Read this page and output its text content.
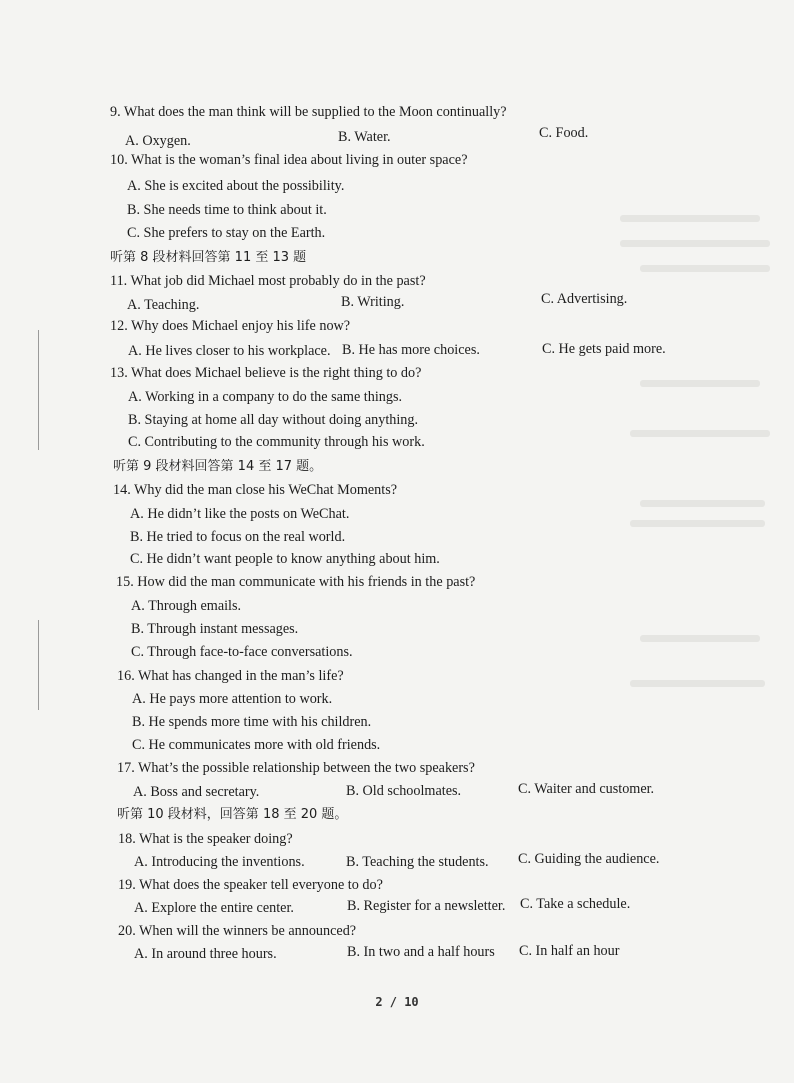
9. What does the man think will be supplied to the Moon continually?
A. Oxygen.	B. Water.	C. Food.
10. What is the woman’s final idea about living in outer space?
A. She is excited about the possibility.
B. She needs time to think about it.
C. She prefers to stay on the Earth.
听第 8 段材料回答第 11 至 13 题
11. What job did Michael most probably do in the past?
A. Teaching.	B. Writing.	C. Advertising.
12. Why does Michael enjoy his life now?
A. He lives closer to his workplace. B. He has more choices.	C. He gets paid more.
13. What does Michael believe is the right thing to do?
A. Working in a company to do the same things.
B. Staying at home all day without doing anything.
C. Contributing to the community through his work.
听第 9 段材料回答第 14 至 17 题。
14. Why did the man close his WeChat Moments?
A. He didn’t like the posts on WeChat.
B. He tried to focus on the real world.
C. He didn’t want people to know anything about him.
15. How did the man communicate with his friends in the past?
A. Through emails.
B. Through instant messages.
C. Through face-to-face conversations.
16. What has changed in the man’s life?
A. He pays more attention to work.
B. He spends more time with his children.
C. He communicates more with old friends.
17. What’s the possible relationship between the two speakers?
A. Boss and secretary.	B. Old schoolmates.	C. Waiter and customer.
听第 10 段材料，回答第 18 至 20 题。
18. What is the speaker doing?
A. Introducing the inventions.	B. Teaching the students. C. Guiding the audience.
19. What does the speaker tell everyone to do?
A. Explore the entire center.	B. Register for a newsletter. C. Take a schedule.
20. When will the winners be announced?
A. In around three hours.	B. In two and a half hours C. In half an hour
2 / 10
